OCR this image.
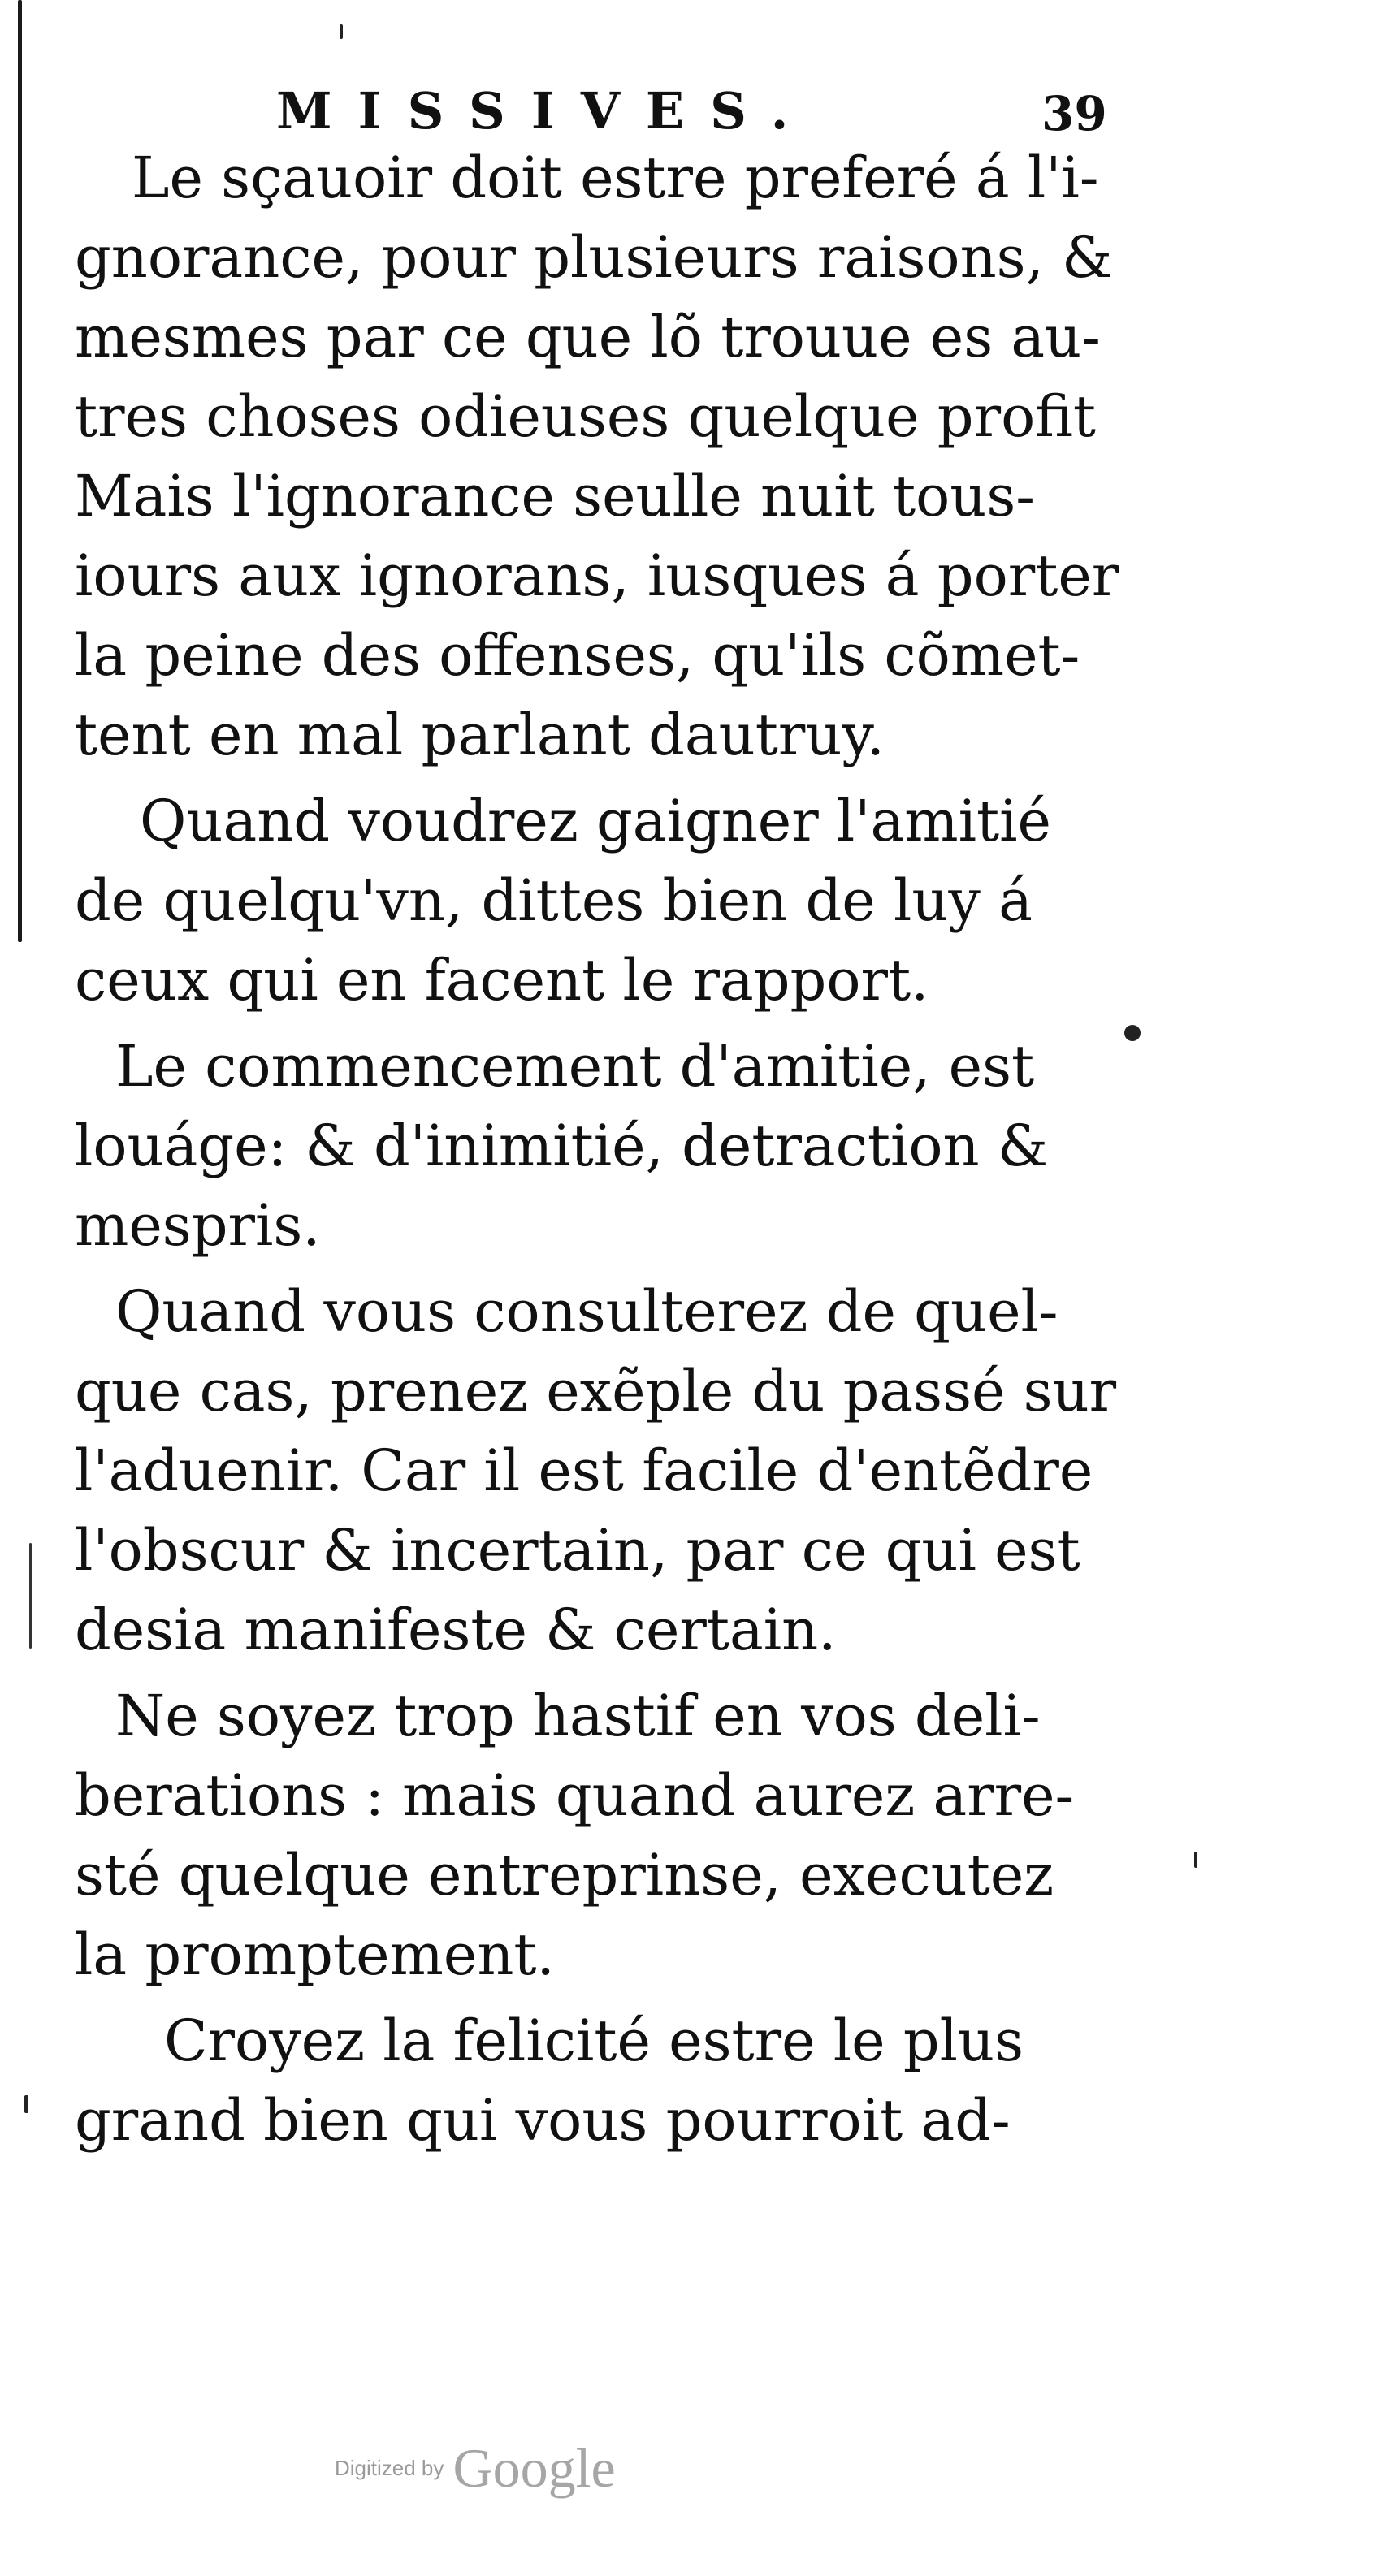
MISSIVES.	39
Le sçauoir doit estre preferé á l'i-
gnorance, pour plusieurs raisons, &
mesmes par ce que lõ trouue es au-
tres choses odieuses quelque profit
Mais l'ignorance seulle nuit tous-
iours aux ignorans, iusques á porter
la peine des offenses, qu'ils cõmet-
tent en mal parlant dautruy.
Quand voudrez gaigner l'amitié
de quelqu'vn, dittes bien de luy á
ceux qui en facent le rapport.
Le commencement d'amitie, est
louáge: & d'inimitié, detraction &
mespris.
Quand vous consulterez de quel-
que cas, prenez exẽple du passé sur
l'aduenir. Car il est facile d'entẽdre
l'obscur & incertain, par ce qui est
desia manifeste & certain.
Ne soyez trop hastif en vos deli-
berations : mais quand aurez arre-
sté quelque entreprinse, executez
la promptement.
Croyez la felicité estre le plus
grand bien qui vous pourroit ad-
Digitized by Google
